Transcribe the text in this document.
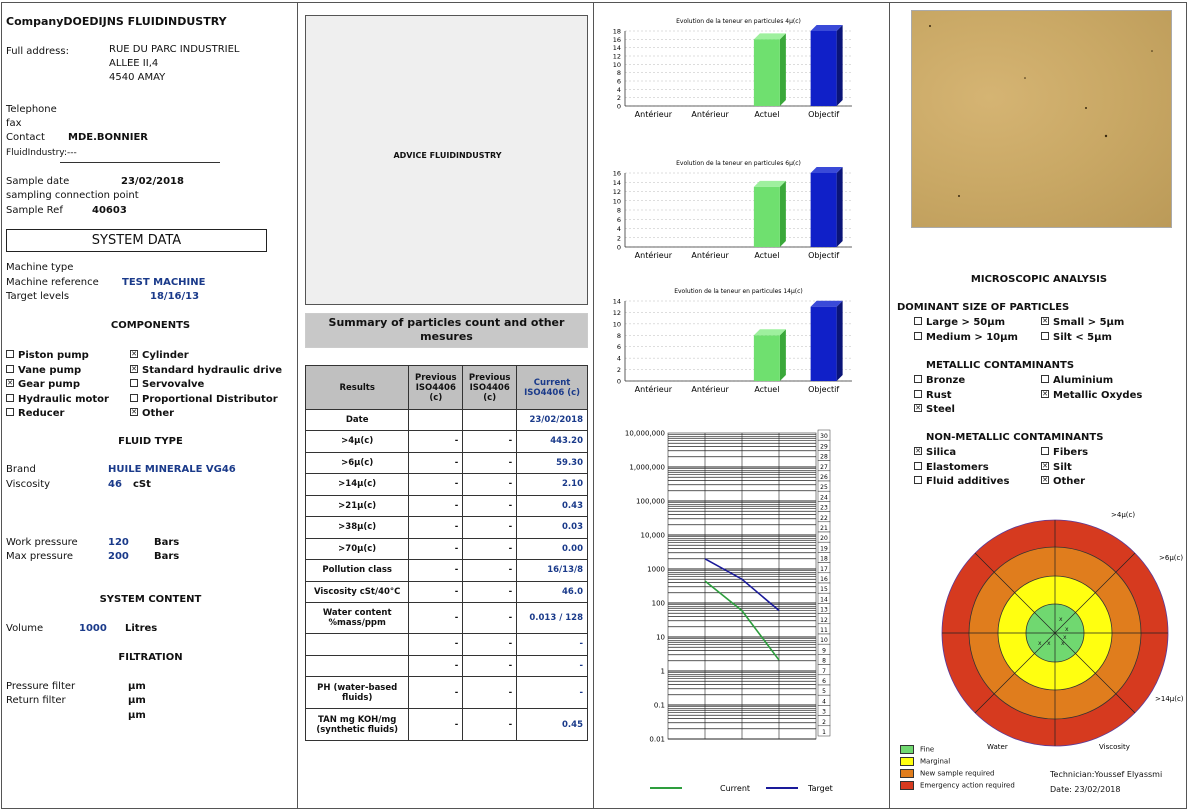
CompanyDOEDIJNS FLUIDINDUSTRY
Full address:	RUE DU PARC INDUSTRIEL
ALLEE II,4
4540 AMAY
Telephone
fax
Contact MDE.BONNIER
FluidIndustry:---
Sample date	23/02/2018
sampling connection point
Sample Ref	40603
SYSTEM DATA
Machine type
Machine reference TEST MACHINE
Target levels	18/16/13
COMPONENTS
FLUID TYPE
Brand	HUILE MINERALE VG46
Viscosity	46 cSt
Work pressure	120	Bars
Max pressure	200	Bars
SYSTEM CONTENT
Volume	1000 Litres
FILTRATION
Pressure filter	µm
Return filter	µm
µm
Piston pump ✕	Cylinder
Vane pump ✕	Standard hydraulic drive
✕Gear pump	Servovalve
Hydraulic motor	Proportional Distributor
Reducer ✕	Other
ADVICE FLUIDINDUSTRY
Summary of particles count and other mesures
Results	Previous ISO4406 (c)	Previous ISO4406 (c)	Current ISO4406 (c)
Date			23/02/2018
>4µ(c)	-	-	443.20
>6µ(c)	-	-	59.30
>14µ(c)	-	-	2.10
>21µ(c)	-	-	0.43
>38µ(c)	-	-	0.03
>70µ(c)	-	-	0.00
Pollution class	-	-	16/13/8
Viscosity cSt/40°C	-	-	46.0
Water content %mass/ppm	-	-	0.013 / 128
	-	-	-
	-	-	-
PH (water-based fluids)	-	-	-
TAN mg KOH/mg (synthetic fluids)	-	-	0.45
Evolution de la teneur en particules 4µ(c)
0
2
4
6
8
10
12
14
16
18
Antérieur Antérieur	Actuel	Objectif
Evolution de la teneur en particules 6µ(c)
0
2
4
6
8
10
12
14
16
Antérieur Antérieur	Actuel	Objectif
Evolution de la teneur en particules 14µ(c)
0
2
4
6
8
10
12
14
Antérieur Antérieur	Actuel	Objectif
10,000,000
1,000,000
100,000
10,000
1000
100
10
1
0.1
0.01
30
29
28
27
26
25
24
23
22
21
20
19
18
17
16
15
14
13
12
11
10
9
8
7
6
5
4
3
2
1
Current	Target
MICROSCOPIC ANALYSIS
DOMINANT SIZE OF PARTICLES
METALLIC CONTAMINANTS
NON-METALLIC CONTAMINANTS
x
x
x
x x
x
>4µ(c)
>6µ(c)
>14µ(c)
Viscosity
Water
Fine
Marginal
New sample required
Emergency action required
Technician:Youssef Elyassmi
Date: 23/02/2018
Large > 50µm ✕	Small > 5µm
Medium > 10µm	Silt < 5µm
Bronze	Aluminium
Rust ✕	Metallic Oxydes
✕Steel
✕Silica	Fibers
Elastomers ✕	Silt
Fluid additives ✕	Other
